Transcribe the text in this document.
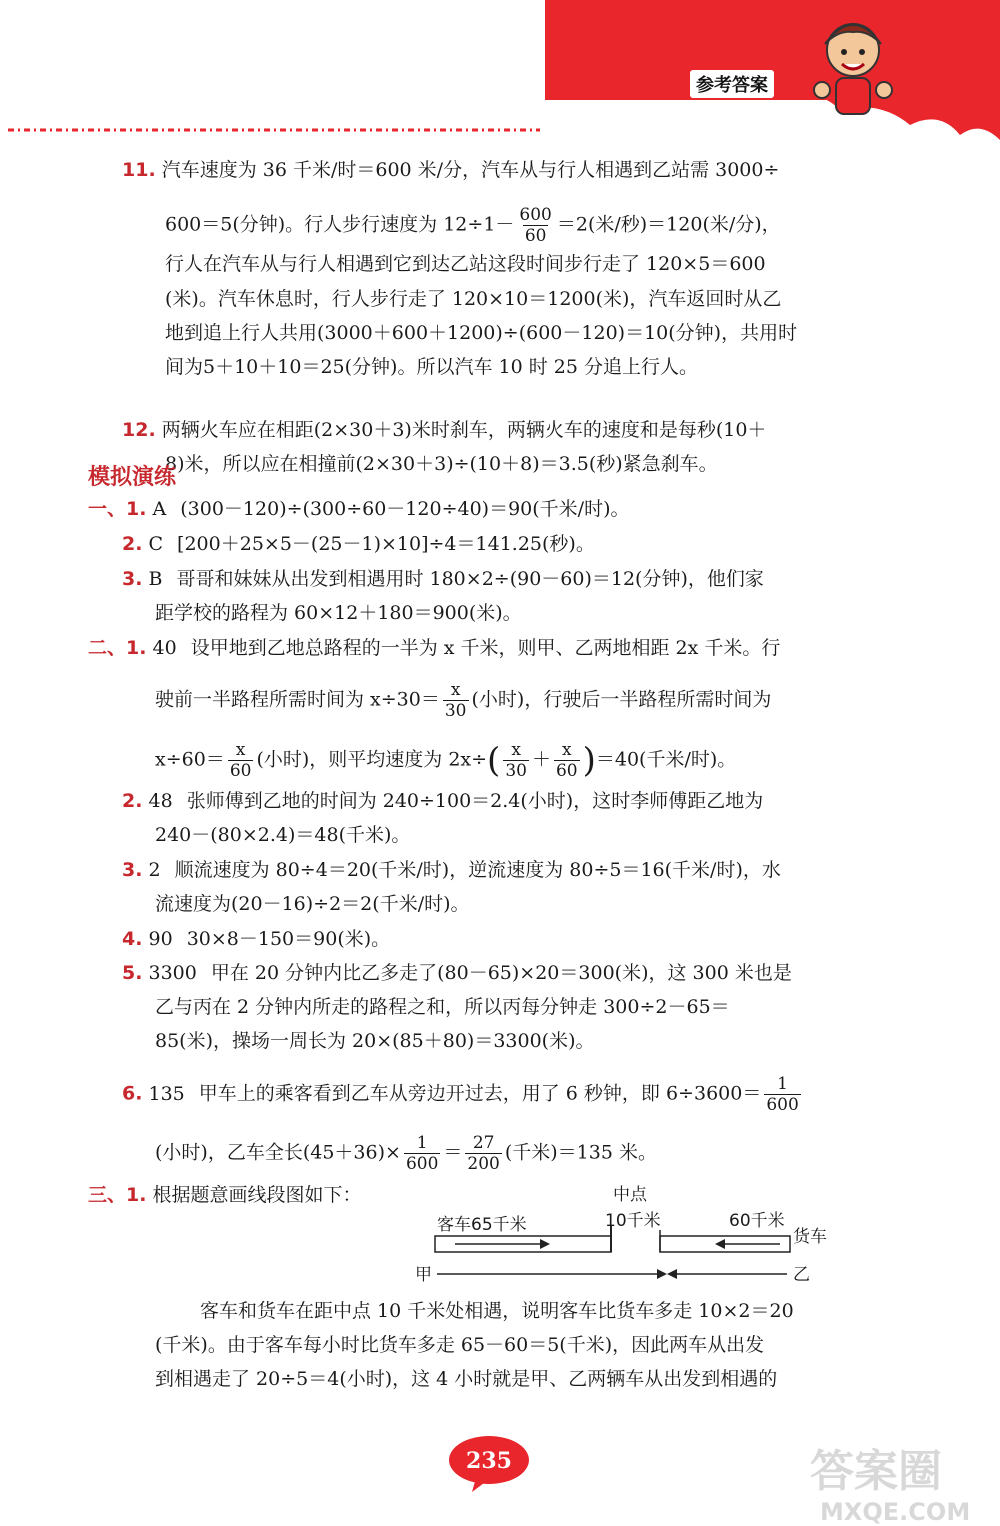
参考答案
11. 汽车速度为 36 千米/时＝600 米/分，汽车从与行人相遇到乙站需 3000÷
600＝5(分钟)。行人步行速度为 $12\div 1- \frac{600}{60} =2$(米/秒)＝120(米/分)，
行人在汽车从与行人相遇到它到达乙站这段时间步行走了 120×5＝600
(米)。汽车休息时，行人步行走了 120×10＝1200(米)，汽车返回时从乙
地到追上行人共用(3000＋600＋1200)÷(600－120)＝10(分钟)，共用时
间为5＋10＋10＝25(分钟)。所以汽车 10 时 25 分追上行人。
12. 两辆火车应在相距(2×30＋3)米时刹车，两辆火车的速度和是每秒(10＋
8)米，所以应在相撞前(2×30＋3)÷(10＋8)＝3.5(秒)紧急刹车。
模拟演练
一、1. A (300－120)÷(300÷60－120÷40)＝90(千米/时)。
2. C [200＋25×5－(25－1)×10]÷4＝141.25(秒)。
3. B 哥哥和妹妹从出发到相遇用时 180×2÷(90－60)＝12(分钟)，他们家
距学校的路程为 60×12＋180＝900(米)。
二、1. 40 设甲地到乙地总路程的一半为 x 千米，则甲、乙两地相距 2x 千米。行
驶前一半路程所需时间为 $x\div 30= \frac{x}{30}$ (小时)，行驶后一半路程所需时间为
$x\div 60= \frac{x}{60}$ (小时)，则平均速度为 $2x\div( \frac{x}{30} + \frac{x}{60} )=40$(千米/时)。
2. 48 张师傅到乙地的时间为 240÷100＝2.4(小时)，这时李师傅距乙地为
240－(80×2.4)＝48(千米)。
3. 2 顺流速度为 80÷4＝20(千米/时)，逆流速度为 80÷5＝16(千米/时)，水
流速度为(20－16)÷2＝2(千米/时)。
4. 90 30×8－150＝90(米)。
5. 3300 甲在 20 分钟内比乙多走了(80－65)×20＝300(米)，这 300 米也是
乙与丙在 2 分钟内所走的路程之和，所以丙每分钟走 300÷2－65＝
85(米)，操场一周长为 20×(85＋80)＝3300(米)。
6. 135 甲车上的乘客看到乙车从旁边开过去，用了 6 秒钟，即 $6\div 3600= \frac{1}{600}$
(小时)，乙车全长$(45+36)\times \frac{1}{600} = \frac{27}{200}$ (千米)＝135 米。
三、1. 根据题意画线段图如下：	中点
客车65千米	10千米	60千米
货车
甲	乙
客车和货车在距中点 10 千米处相遇，说明客车比货车多走 10×2＝20
(千米)。由于客车每小时比货车多走 65－60＝5(千米)，因此两车从出发
到相遇走了 20÷5＝4(小时)，这 4 小时就是甲、乙两辆车从出发到相遇的
235	答案圈
MXQE.COM
